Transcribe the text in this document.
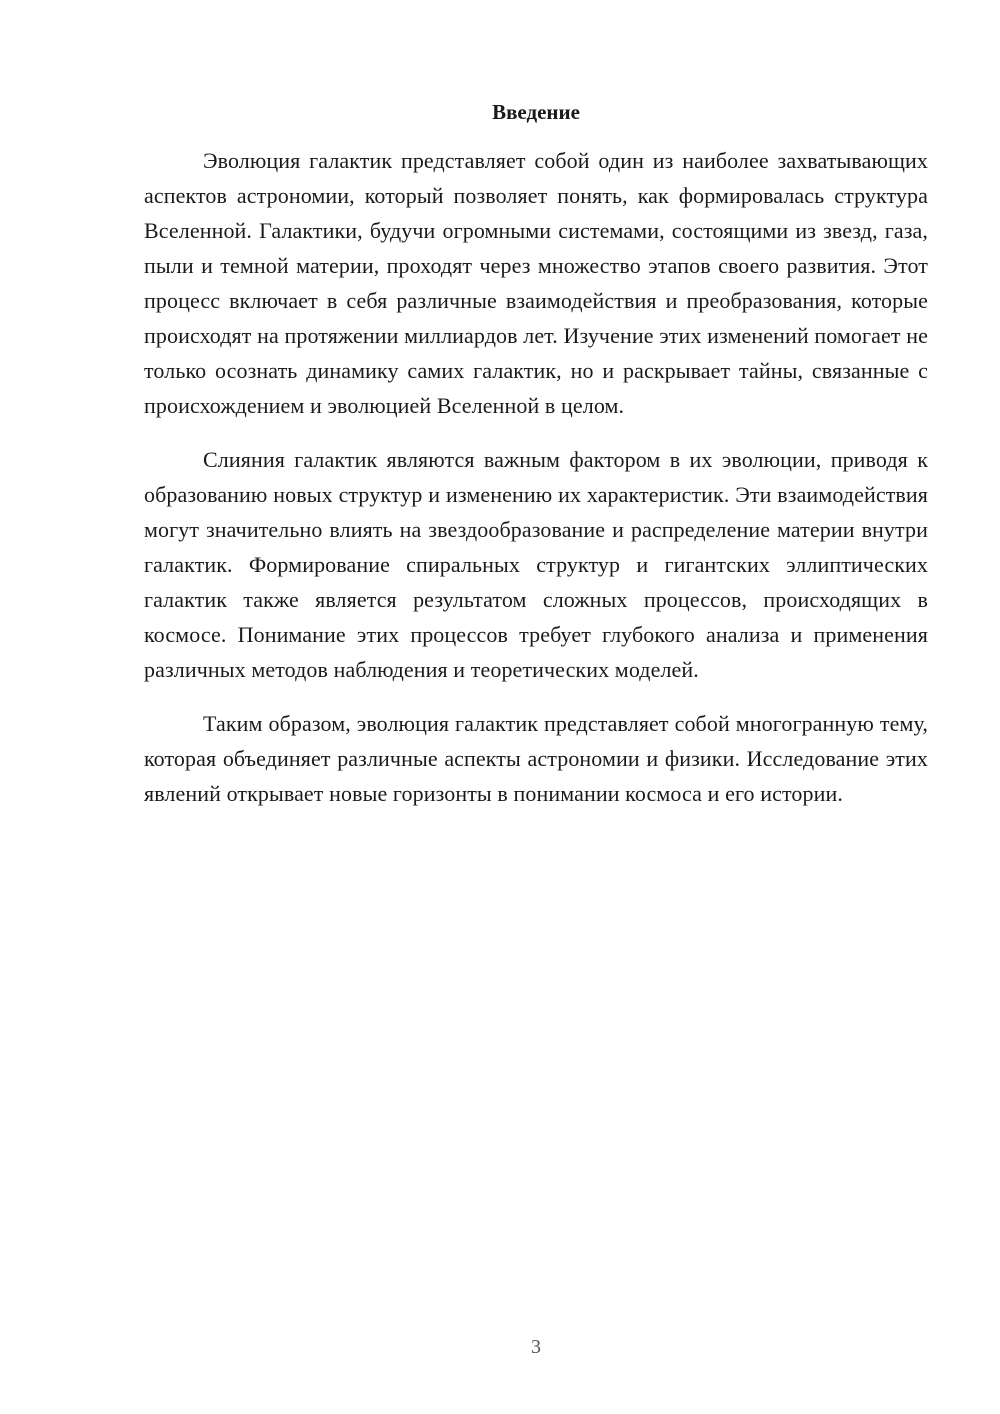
Введение

Эволюция галактик представляет собой один из наиболее захватывающих аспектов астрономии, который позволяет понять, как формировалась структура Вселенной. Галактики, будучи огромными системами, состоящими из звезд, газа, пыли и темной материи, проходят через множество этапов своего развития. Этот процесс включает в себя различные взаимодействия и преобразования, которые происходят на протяжении миллиардов лет. Изучение этих изменений помогает не только осознать динамику самих галактик, но и раскрывает тайны, связанные с происхождением и эволюцией Вселенной в целом.

Слияния галактик являются важным фактором в их эволюции, приводя к образованию новых структур и изменению их характеристик. Эти взаимодействия могут значительно влиять на звездообразование и распределение материи внутри галактик. Формирование спиральных структур и гигантских эллиптических галактик также является результатом сложных процессов, происходящих в космосе. Понимание этих процессов требует глубокого анализа и применения различных методов наблюдения и теоретических моделей.

Таким образом, эволюция галактик представляет собой многогранную тему, которая объединяет различные аспекты астрономии и физики. Исследование этих явлений открывает новые горизонты в понимании космоса и его истории.

3
